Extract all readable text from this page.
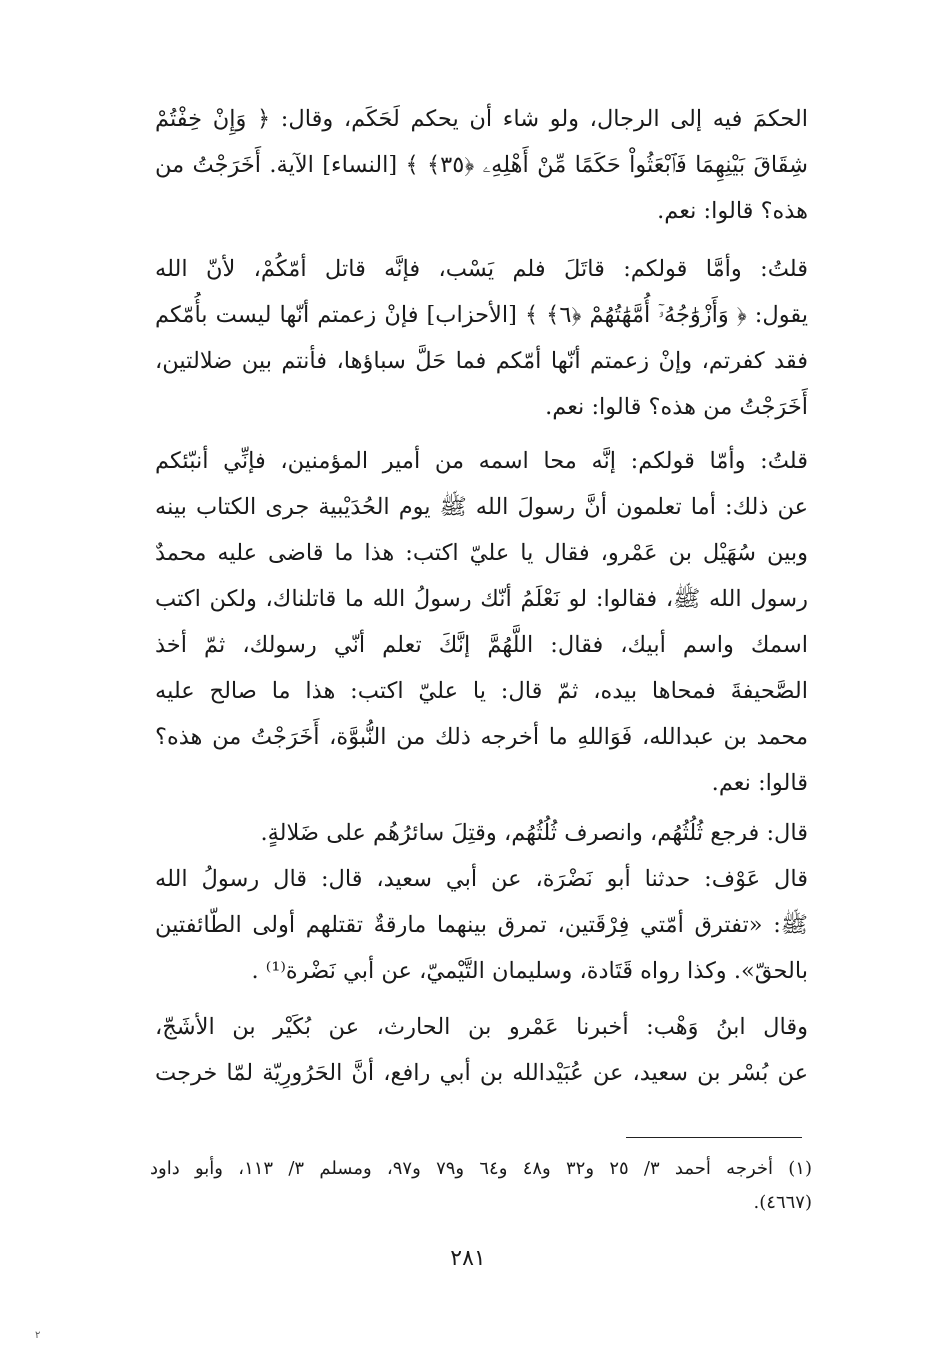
الحكمَ فيه إلى الرجال، ولو شاء أن يحكم لَحَكَم، وقال: ﴿ وَإِنْ خِفْتُمْ
شِقَاقَ بَيْنِهِمَا فَٱبْعَثُواْ حَكَمًا مِّنْ أَهْلِهِۦ ﴿٣٥﴾ ﴾ [النساء] الآية. أَخَرَجْتُ من
هذه؟ قالوا: نعم.
قلتُ: وأمَّا قولكم: قاتَلَ فلم يَسْب، فإنَّه قاتل أمّكُمْ، لأنّ الله
يقول: ﴿ وَأَزْوَٰجُهُۥٓ أُمَّهَٰتُهُمْ ﴿٦﴾ ﴾ [الأحزاب] فإنْ زعمتم أنّها ليست بأُمّكم
فقد كفرتم، وإنْ زعمتم أنّها أمّكم فما حَلَّ سباؤها، فأنتم بين ضلالتين،
أَخَرَجْتُ من هذه؟ قالوا: نعم.
قلتُ: وأمّا قولكم: إنَّه محا اسمه من أمير المؤمنين، فإنِّي أنبّئكم
عن ذلك: أما تعلمون أنَّ رسولَ الله ﷺ يوم الحُدَيْبية جرى الكتاب بينه
وبين سُهَيْل بن عَمْرو، فقال يا عليّ اكتب: هذا ما قاضى عليه محمدٌ
رسول الله ﷺ، فقالوا: لو نَعْلَمُ أنّك رسولُ الله ما قاتلناك، ولكن اكتب
اسمك واسم أبيك، فقال: اللَّهُمَّ إنَّكَ تعلم أنّي رسولك، ثمّ أخذ
الصَّحيفةَ فمحاها بيده، ثمّ قال: يا عليّ اكتب: هذا ما صالح عليه
محمد بن عبدالله، فَوَاللهِ ما أخرجه ذلك من النُّبوَّة، أَخَرَجْتُ من هذه؟
قالوا: نعم.
قال: فرجع ثُلُثُهُم، وانصرف ثُلُثُهُم، وقتِلَ سائرُهُم على ضَلالةٍ.
قال عَوْف: حدثنا أبو نَضْرَة، عن أبي سعيد، قال: قال رسولُ الله
ﷺ: «تفترق أمّتي فِرْقَتين، تمرق بينهما مارقةٌ تقتلهم أولى الطّائفتين
بالحقّ». وكذا رواه قَتَادة، وسليمان التَّيْميّ، عن أبي نَضْرة⁽¹⁾ .
وقال ابنُ وَهْب: أخبرنا عَمْرو بن الحارث، عن بُكَيْر بن الأشَجّ،
عن بُسْر بن سعيد، عن عُبَيْدالله بن أبي رافع، أنَّ الحَرُورِيّة لمّا خرجت
(١) أخرجه أحمد ٣/ ٢٥ و٣٢ و٤٨ و٦٤ و٧٩ و٩٧، ومسلم ٣/ ١١٣، وأبو داود
(٤٦٦٧).
٢٨١
٢
